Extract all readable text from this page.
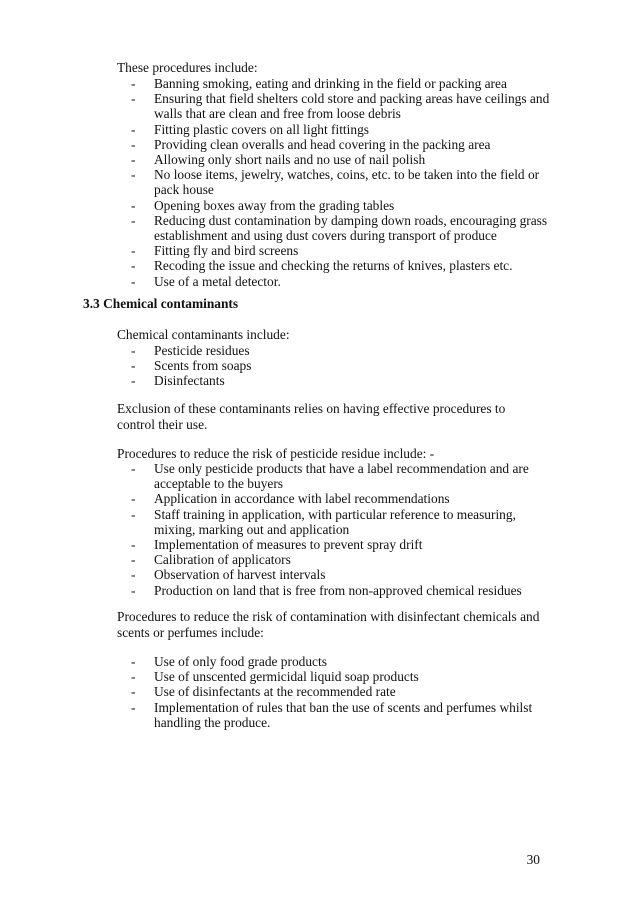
These procedures include:

- Banning smoking, eating and drinking in the field or packing area
- Ensuring that field shelters cold store and packing areas have ceilings and walls that are clean and free from loose debris
- Fitting plastic covers on all light fittings
- Providing clean overalls and head covering in the packing area
- Allowing only short nails and no use of nail polish
- No loose items, jewelry, watches, coins, etc. to be taken into the field or pack house
- Opening boxes away from the grading tables
- Reducing dust contamination by damping down roads, encouraging grass establishment and using dust covers during transport of produce
- Fitting fly and bird screens
- Recoding the issue and checking the returns of knives, plasters etc.
- Use of a metal detector.
3.3 Chemical contaminants

Chemical contaminants include:

- Pesticide residues
- Scents from soaps
- Disinfectants

Exclusion of these contaminants relies on having effective procedures to control their use.

Procedures to reduce the risk of pesticide residue include: -

- Use only pesticide products that have a label recommendation and are acceptable to the buyers
- Application in accordance with label recommendations
- Staff training in application, with particular reference to measuring, mixing, marking out and application
- Implementation of measures to prevent spray drift
- Calibration of applicators
- Observation of harvest intervals
- Production on land that is free from non-approved chemical residues

Procedures to reduce the risk of contamination with disinfectant chemicals and scents or perfumes include:

- Use of only food grade products
- Use of unscented germicidal liquid soap products
- Use of disinfectants at the recommended rate
- Implementation of rules that ban the use of scents and perfumes whilst handling the produce.
30
